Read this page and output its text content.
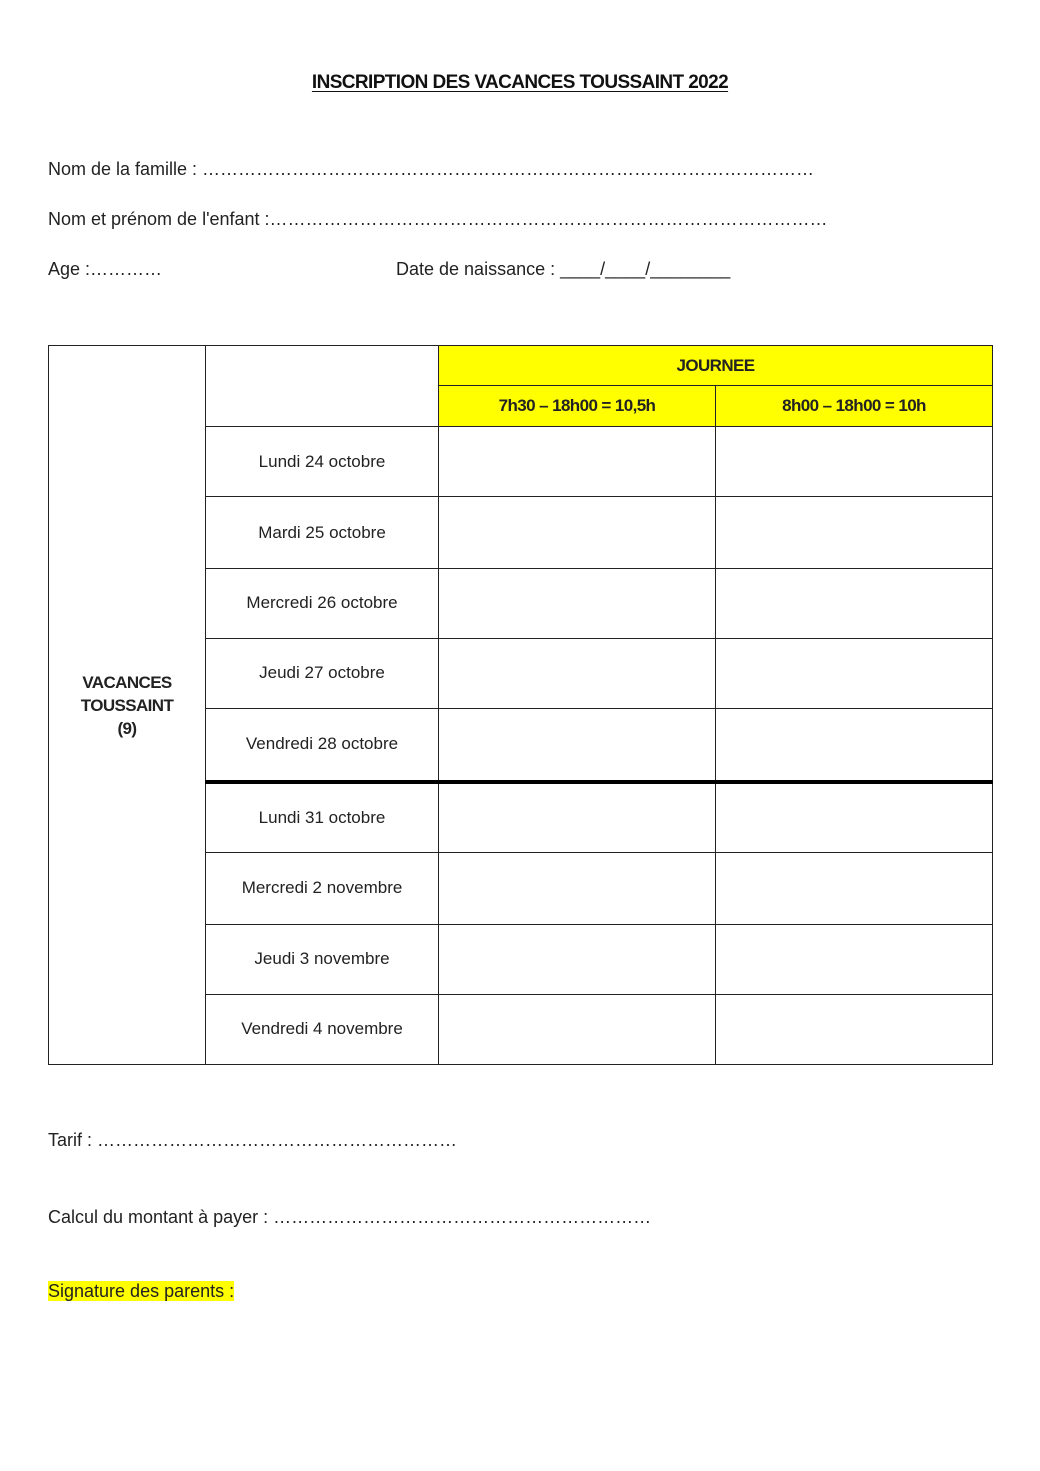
INSCRIPTION DES VACANCES TOUSSAINT 2022
Nom de la famille : …………………………………………………………………………………………
Nom et prénom de l'enfant :…………………………………………………………………………………
Age :…………	Date de naissance : ____/____/________
VACANCES
TOUSSAINT
(9)		JOURNEE	
		7h30 – 18h00 = 10,5h	8h00 – 18h00 = 10h
	Lundi 24 octobre		
	Mardi 25 octobre		
	Mercredi 26 octobre		
	Jeudi 27 octobre		
	Vendredi 28 octobre		
	Lundi 31 octobre		
	Mercredi 2 novembre		
	Jeudi 3 novembre		
	Vendredi 4 novembre		
Tarif : ……………………………………………………
Calcul du montant à payer : ………………………………………………………
Signature des parents :
